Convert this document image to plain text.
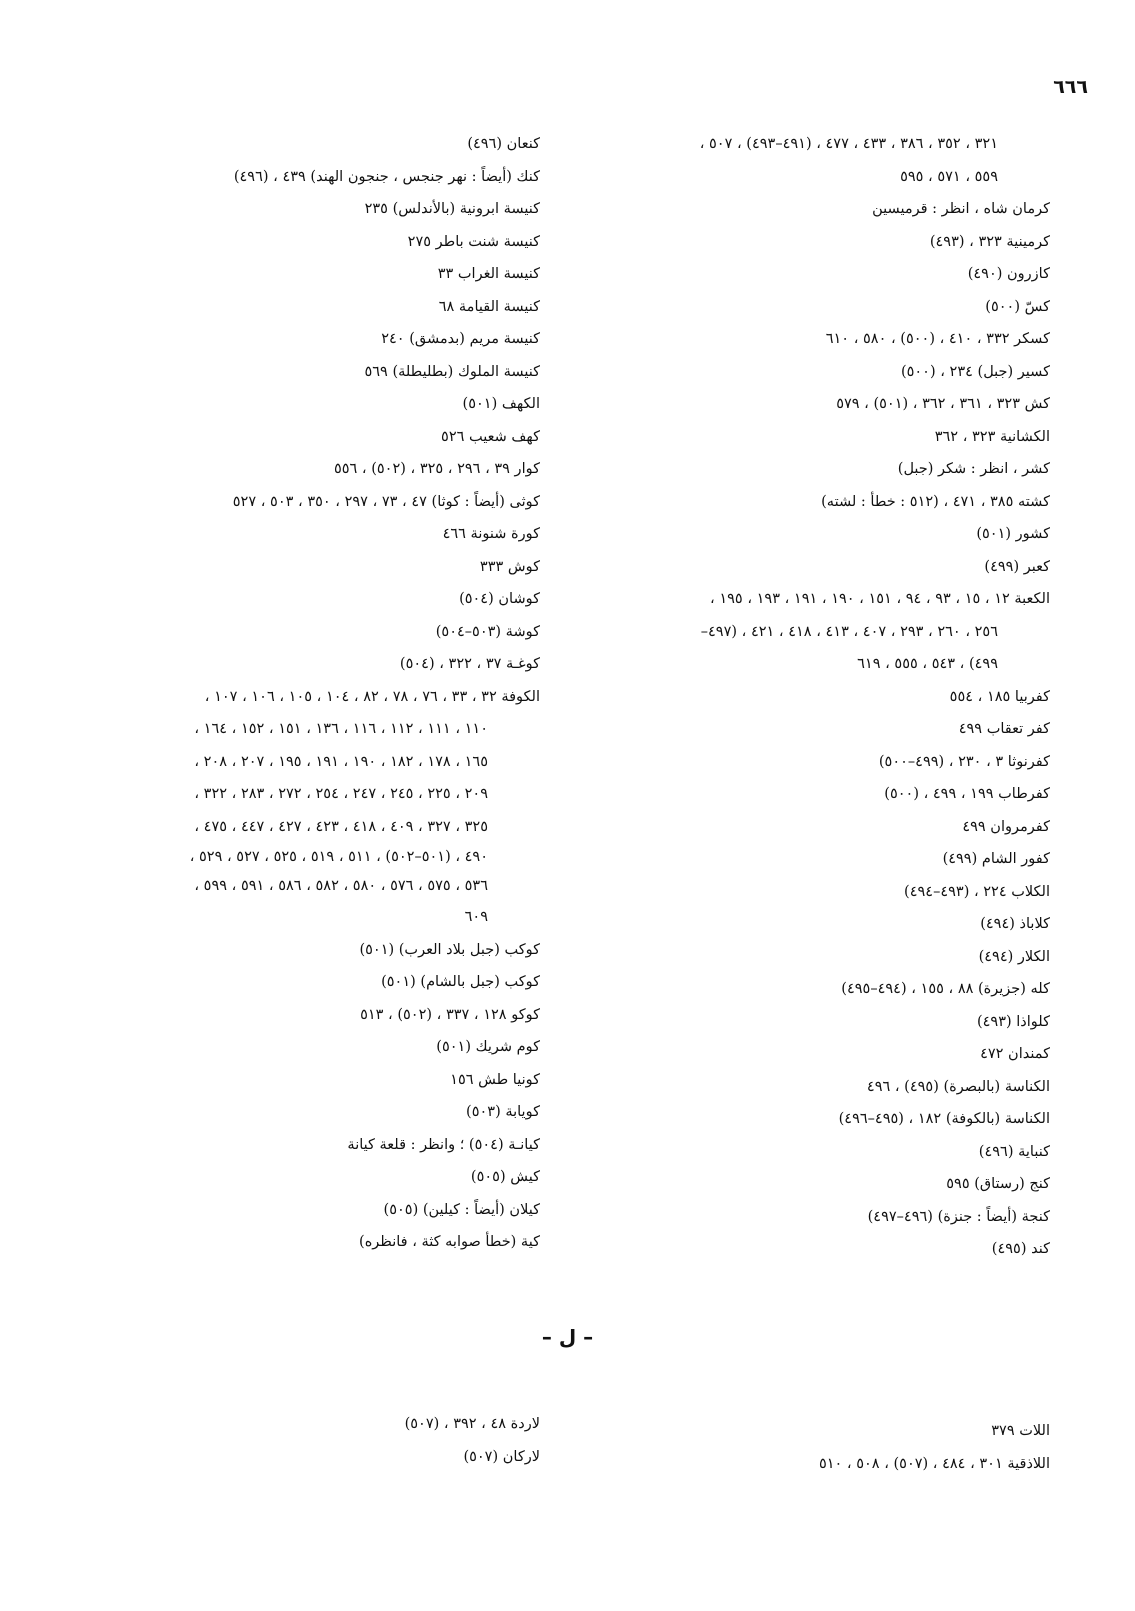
٦٦٦
٣٢١ ، ٣٥٢ ، ٣٨٦ ، ٤٣٣ ، ٤٧٧ ، (٤٩١–٤٩٣) ، ٥٠٧ ،
٥٥٩ ، ٥٧١ ، ٥٩٥
كرمان شاه ، انظر : قرميسين
كرمينية ٣٢٣ ، (٤٩٣)
كازرون (٤٩٠)
كسّ (٥٠٠)
كسكر ٣٣٢ ، ٤١٠ ، (٥٠٠) ، ٥٨٠ ، ٦١٠
كسير (جبل) ٢٣٤ ، (٥٠٠)
كش ٣٢٣ ، ٣٦١ ، ٣٦٢ ، (٥٠١) ، ٥٧٩
الكشانية ٣٢٣ ، ٣٦٢
كشر ، انظر : شكر (جبل)
كشته ٣٨٥ ، ٤٧١ ، (٥١٢ : خطأ : لشته)
كشور (٥٠١)
كعبر (٤٩٩)
الكعبة ١٢ ، ١٥ ، ٩٣ ، ٩٤ ، ١٥١ ، ١٩٠ ، ١٩١ ، ١٩٣ ، ١٩٥ ،
٢٥٦ ، ٢٦٠ ، ٢٩٣ ، ٤٠٧ ، ٤١٣ ، ٤١٨ ، ٤٢١ ، (٤٩٧–
٤٩٩) ، ٥٤٣ ، ٥٥٥ ، ٦١٩
كفربيا ١٨٥ ، ٥٥٤
كفر تعقاب ٤٩٩
كفرنوثا ٣ ، ٢٣٠ ، (٤٩٩–٥٠٠)
كفرطاب ١٩٩ ، ٤٩٩ ، (٥٠٠)
كفرمروان ٤٩٩
كفور الشام (٤٩٩)
الكلاب ٢٢٤ ، (٤٩٣–٤٩٤)
كلاباذ (٤٩٤)
الكلار (٤٩٤)
كله (جزيرة) ٨٨ ، ١٥٥ ، (٤٩٤–٤٩٥)
كلواذا (٤٩٣)
كمندان ٤٧٢
الكناسة (بالبصرة) (٤٩٥) ، ٤٩٦
الكناسة (بالكوفة) ١٨٢ ، (٤٩٥–٤٩٦)
كنباية (٤٩٦)
كنج (رستاق) ٥٩٥
كنجة (أيضاً : جنزة) (٤٩٦–٤٩٧)
كند (٤٩٥)
كنعان (٤٩٦)
كنك (أيضاً : نهر جنجس ، جنجون الهند) ٤٣٩ ، (٤٩٦)
كنيسة ابرونية (بالأندلس) ٢٣٥
كنيسة شنت باطر ٢٧٥
كنيسة الغراب ٣٣
كنيسة القيامة ٦٨
كنيسة مريم (بدمشق) ٢٤٠
كنيسة الملوك (بطليطلة) ٥٦٩
الكهف (٥٠١)
كهف شعيب ٥٢٦
كوار ٣٩ ، ٢٩٦ ، ٣٢٥ ، (٥٠٢) ، ٥٥٦
كوثى (أيضاً : كوثا) ٤٧ ، ٧٣ ، ٢٩٧ ، ٣٥٠ ، ٥٠٣ ، ٥٢٧
كورة شنونة ٤٦٦
كوش ٣٣٣
كوشان (٥٠٤)
كوشة (٥٠٣–٥٠٤)
كوغـة ٣٧ ، ٣٢٢ ، (٥٠٤)
الكوفة ٣٢ ، ٣٣ ، ٧٦ ، ٧٨ ، ٨٢ ، ١٠٤ ، ١٠٥ ، ١٠٦ ، ١٠٧ ،
١١٠ ، ١١١ ، ١١٢ ، ١١٦ ، ١٣٦ ، ١٥١ ، ١٥٢ ، ١٦٤ ،
١٦٥ ، ١٧٨ ، ١٨٢ ، ١٩٠ ، ١٩١ ، ١٩٥ ، ٢٠٧ ، ٢٠٨ ،
٢٠٩ ، ٢٢٥ ، ٢٤٥ ، ٢٤٧ ، ٢٥٤ ، ٢٧٢ ، ٢٨٣ ، ٣٢٢ ،
٣٢٥ ، ٣٢٧ ، ٤٠٩ ، ٤١٨ ، ٤٢٣ ، ٤٢٧ ، ٤٤٧ ، ٤٧٥ ،
٤٩٠ ، (٥٠١–٥٠٢) ، ٥١١ ، ٥١٩ ، ٥٢٥ ، ٥٢٧ ، ٥٢٩ ،
٥٣٦ ، ٥٧٥ ، ٥٧٦ ، ٥٨٠ ، ٥٨٢ ، ٥٨٦ ، ٥٩١ ، ٥٩٩ ،
٦٠٩
كوكب (جبل بلاد العرب) (٥٠١)
كوكب (جبل بالشام) (٥٠١)
كوكو ١٢٨ ، ٣٣٧ ، (٥٠٢) ، ٥١٣
كوم شريك (٥٠١)
كونيا طش ١٥٦
كويابة (٥٠٣)
كيانـة (٥٠٤) ؛ وانظر : قلعة كيانة
كيش (٥٠٥)
كيلان (أيضاً : كيلين) (٥٠٥)
كية (خطأ صوابه كثة ، فانظره)
– ل –
اللات ٣٧٩
اللاذقية ٣٠١ ، ٤٨٤ ، (٥٠٧) ، ٥٠٨ ، ٥١٠
لاردة ٤٨ ، ٣٩٢ ، (٥٠٧)
لاركان (٥٠٧)
